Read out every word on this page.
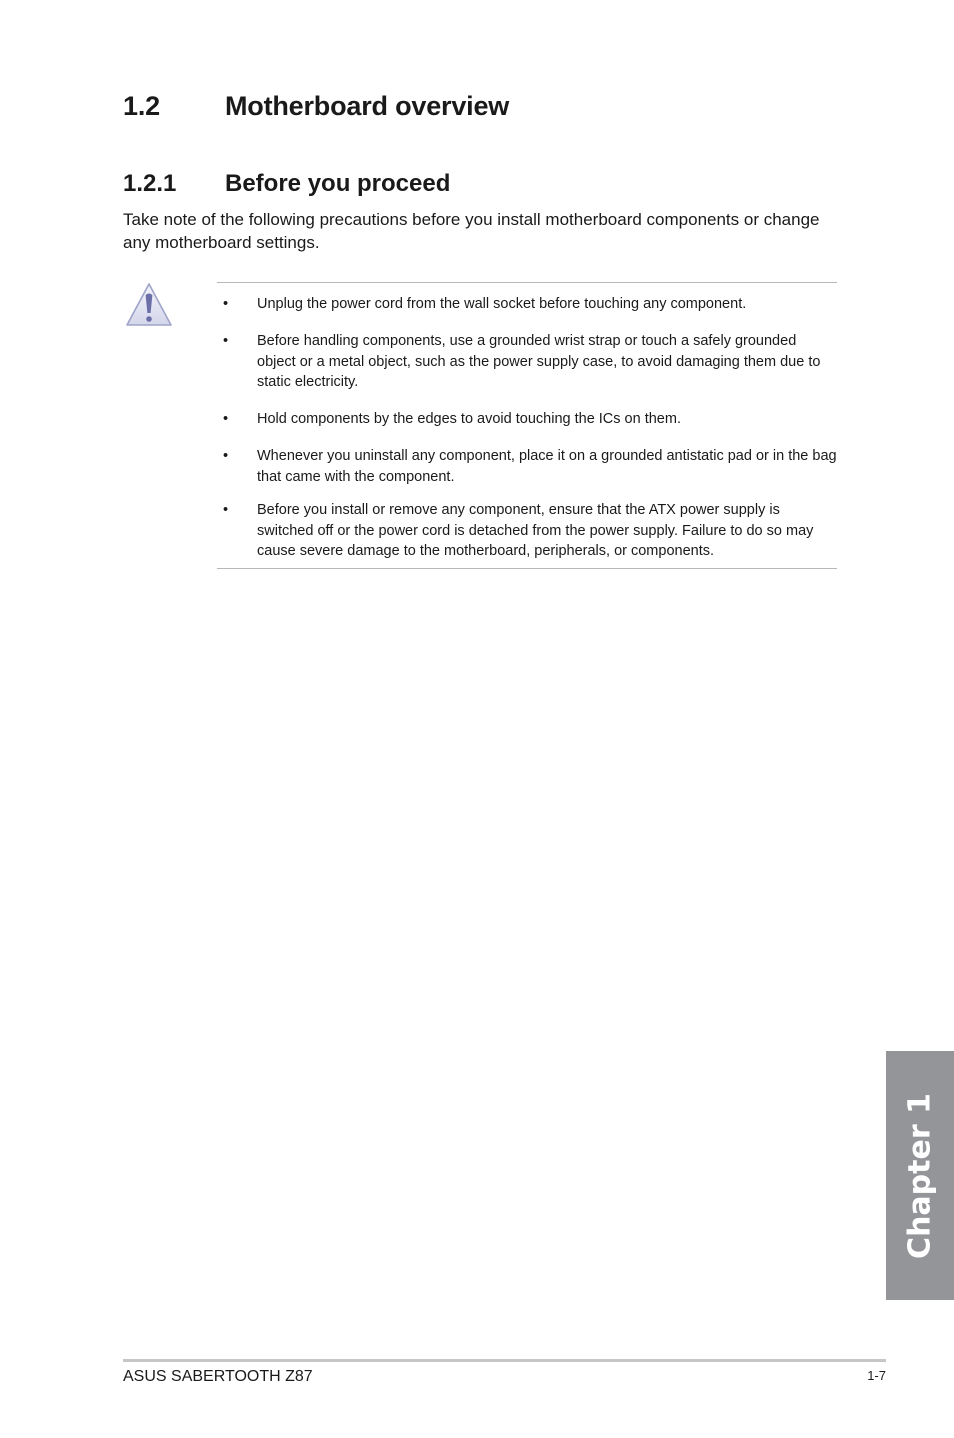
1.2 Motherboard overview
1.2.1 Before you proceed

Take note of the following precautions before you install motherboard components or change any motherboard settings.

• Unplug the power cord from the wall socket before touching any component.
• Before handling components, use a grounded wrist strap or touch a safely grounded object or a metal object, such as the power supply case, to avoid damaging them due to static electricity.
• Hold components by the edges to avoid touching the ICs on them.
• Whenever you uninstall any component, place it on a grounded antistatic pad or in the bag that came with the component.
• Before you install or remove any component, ensure that the ATX power supply is switched off or the power cord is detached from the power supply. Failure to do so may cause severe damage to the motherboard, peripherals, or components.
Chapter 1
ASUS SABERTOOTH Z87	1-7
